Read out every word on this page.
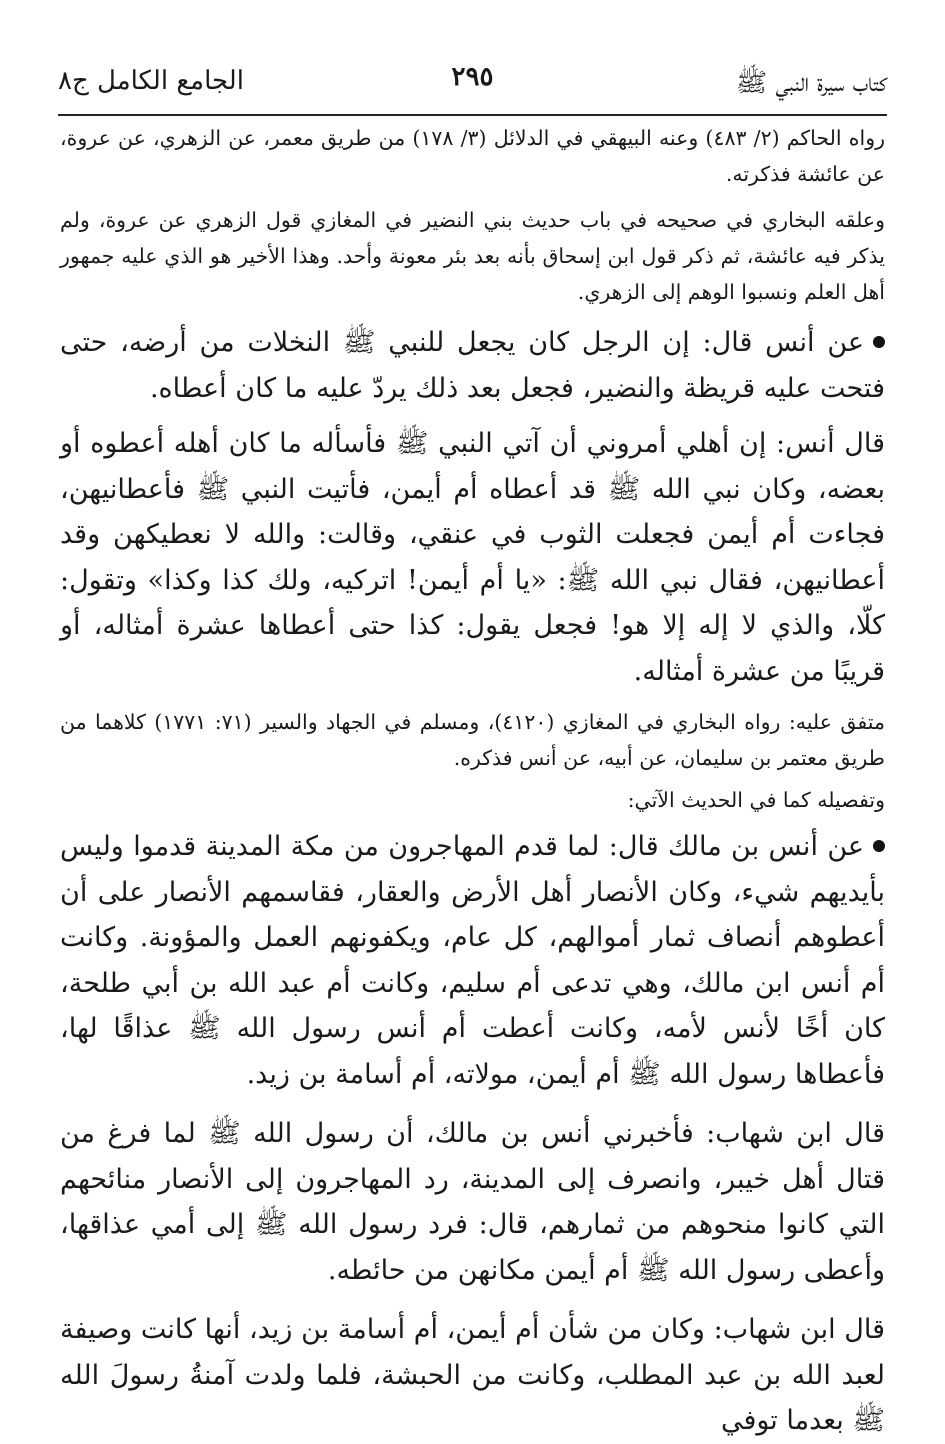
كتاب سيرة النبي ﷺ
٢٩٥
الجامع الكامل ج٨

رواه الحاكم (٢/ ٤٨٣) وعنه البيهقي في الدلائل (٣/ ١٧٨) من طريق معمر، عن الزهري، عن عروة، عن عائشة فذكرته.

وعلقه البخاري في صحيحه في باب حديث بني النضير في المغازي قول الزهري عن عروة، ولم يذكر فيه عائشة، ثم ذكر قول ابن إسحاق بأنه بعد بئر معونة وأحد. وهذا الأخير هو الذي عليه جمهور أهل العلم ونسبوا الوهم إلى الزهري.

عن أنس قال: إن الرجل كان يجعل للنبي ﷺ النخلات من أرضه، حتى فتحت عليه قريظة والنضير، فجعل بعد ذلك يردّ عليه ما كان أعطاه.

قال أنس: إن أهلي أمروني أن آتي النبي ﷺ فأسأله ما كان أهله أعطوه أو بعضه، وكان نبي الله ﷺ قد أعطاه أم أيمن، فأتيت النبي ﷺ فأعطانيهن، فجاءت أم أيمن فجعلت الثوب في عنقي، وقالت: والله لا نعطيكهن وقد أعطانيهن، فقال نبي الله ﷺ: «يا أم أيمن! اتركيه، ولك كذا وكذا» وتقول: كلّا، والذي لا إله إلا هو! فجعل يقول: كذا حتى أعطاها عشرة أمثاله، أو قريبًا من عشرة أمثاله.

متفق عليه: رواه البخاري في المغازي (٤١٢٠)، ومسلم في الجهاد والسير (٧١: ١٧٧١) كلاهما من طريق معتمر بن سليمان، عن أبيه، عن أنس فذكره.

وتفصيله كما في الحديث الآتي:

عن أنس بن مالك قال: لما قدم المهاجرون من مكة المدينة قدموا وليس بأيديهم شيء، وكان الأنصار أهل الأرض والعقار، فقاسمهم الأنصار على أن أعطوهم أنصاف ثمار أموالهم، كل عام، ويكفونهم العمل والمؤونة. وكانت أم أنس ابن مالك، وهي تدعى أم سليم، وكانت أم عبد الله بن أبي طلحة، كان أخًا لأنس لأمه، وكانت أعطت أم أنس رسول الله ﷺ عذاقًا لها، فأعطاها رسول الله ﷺ أم أيمن، مولاته، أم أسامة بن زيد.

قال ابن شهاب: فأخبرني أنس بن مالك، أن رسول الله ﷺ لما فرغ من قتال أهل خيبر، وانصرف إلى المدينة، رد المهاجرون إلى الأنصار منائحهم التي كانوا منحوهم من ثمارهم، قال: فرد رسول الله ﷺ إلى أمي عذاقها، وأعطى رسول الله ﷺ أم أيمن مكانهن من حائطه.

قال ابن شهاب: وكان من شأن أم أيمن، أم أسامة بن زيد، أنها كانت وصيفة لعبد الله بن عبد المطلب، وكانت من الحبشة، فلما ولدت آمنةُ رسولَ الله ﷺ بعدما توفي
